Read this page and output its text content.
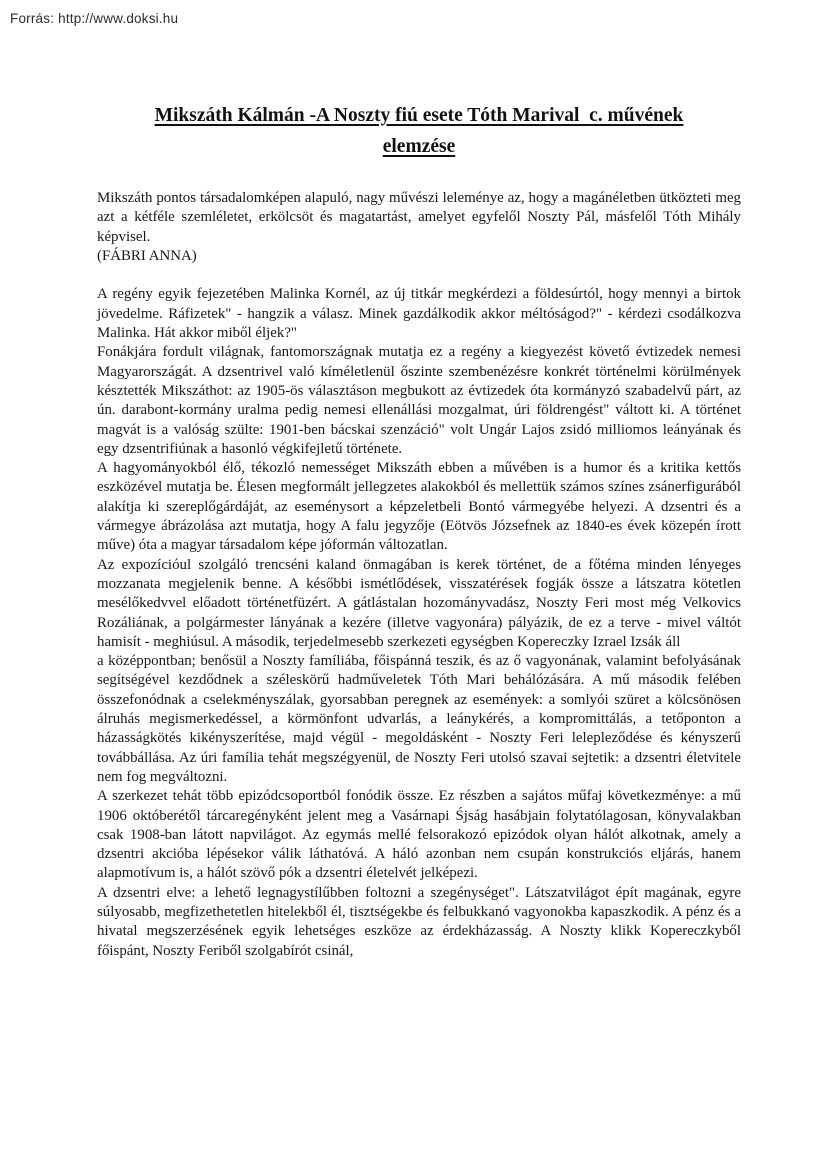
Forrás: http://www.doksi.hu
Mikszáth Kálmán -A Noszty fiú esete Tóth Marival  c. művének
elemzése

Mikszáth pontos társadalomképen alapuló, nagy művészi leleménye az, hogy a magánéletben ütközteti meg azt a kétféle szemléletet, erkölcsöt és magatartást, amelyet egyfelől Noszty Pál, másfelől Tóth Mihály képvisel.

(FÁBRI ANNA)

A regény egyik fejezetében Malinka Kornél, az új titkár megkérdezi a földesúrtól, hogy mennyi a birtok jövedelme. Ráfizetek" - hangzik a válasz. Minek gazdálkodik akkor méltóságod?" - kérdezi csodálkozva Malinka. Hát akkor miből éljek?"

Fonákjára fordult világnak, fantomországnak mutatja ez a regény a kiegyezést követő évtizedek nemesi Magyarországát. A dzsentrivel való kíméletlenül őszinte szembenézésre konkrét történelmi körülmények késztették Mikszáthot: az 1905-ös választáson megbukott az évtizedek óta kormányzó szabadelvű párt, az ún. darabont-kormány uralma pedig nemesi ellenállási mozgalmat, úri földrengést" váltott ki. A történet magvát is a valóság szülte: 1901-ben bácskai szenzáció" volt Ungár Lajos zsidó milliomos leányának és egy dzsentrifiúnak a hasonló végkifejletű története.

A hagyományokból élő, tékozló nemességet Mikszáth ebben a művében is a humor és a kritika kettős eszközével mutatja be. Élesen megformált jellegzetes alakokból és mellettük számos színes zsánerfigurából alakítja ki szereplőgárdáját, az eseménysort a képzeletbeli Bontó vármegyébe helyezi. A dzsentri és a vármegye ábrázolása azt mutatja, hogy A falu jegyzője (Eötvös Józsefnek az 1840-es évek közepén írott műve) óta a magyar társadalom képe jóformán változatlan.

Az expozícióul szolgáló trencséni kaland önmagában is kerek történet, de a főtéma minden lényeges mozzanata megjelenik benne. A későbbi ismétlődések, visszatérések fogják össze a látszatra kötetlen mesélőkedvvel előadott történetfüzért. A gátlástalan hozományvadász, Noszty Feri most még Velkovics Rozáliának, a polgármester lányának a kezére (illetve vagyonára) pályázik, de ez a terve - mivel váltót hamisít - meghiúsul. A második, terjedelmesebb szerkezeti egységben Kopereczky Izrael Izsák áll

a középpontban; benősül a Noszty famíliába, főispánná teszik, és az ő vagyonának, valamint befolyásának segítségével kezdődnek a széleskörű hadműveletek Tóth Mari behálózására. A mű második felében összefonódnak a cselekményszálak, gyorsabban peregnek az események: a somlyói szüret a kölcsönösen álruhás megismerkedéssel, a körmönfont udvarlás, a leánykérés, a kompromittálás, a tetőponton a házasságkötés kikényszerítése, majd végül - megoldásként - Noszty Feri lelepleződése és kényszerű továbbállása. Az úri família tehát megszégyenül, de Noszty Feri utolsó szavai sejtetik: a dzsentri életvitele nem fog megváltozni.

A szerkezet tehát több epizódcsoportból fonódik össze. Ez részben a sajátos műfaj következménye: a mű 1906 októberétől tárcaregényként jelent meg a Vasárnapi Śjság hasábjain folytatólagosan, könyvalakban csak 1908-ban látott napvilágot. Az egymás mellé felsorakozó epizódok olyan hálót alkotnak, amely a dzsentri akcióba lépésekor válik láthatóvá. A háló azonban nem csupán konstrukciós eljárás, hanem alapmotívum is, a hálót szövő pók a dzsentri életelvét jelképezi.

A dzsentri elve: a lehető legnagystílűbben foltozni a szegénységet". Látszatvilágot épít magának, egyre súlyosabb, megfizethetetlen hitelekből él, tisztségekbe és felbukkanó vagyonokba kapaszkodik. A pénz és a hivatal megszerzésének egyik lehetséges eszköze az érdekházasság. A Noszty klikk Kopereczkyből főispánt, Noszty Feriből szolgabírót csinál,
